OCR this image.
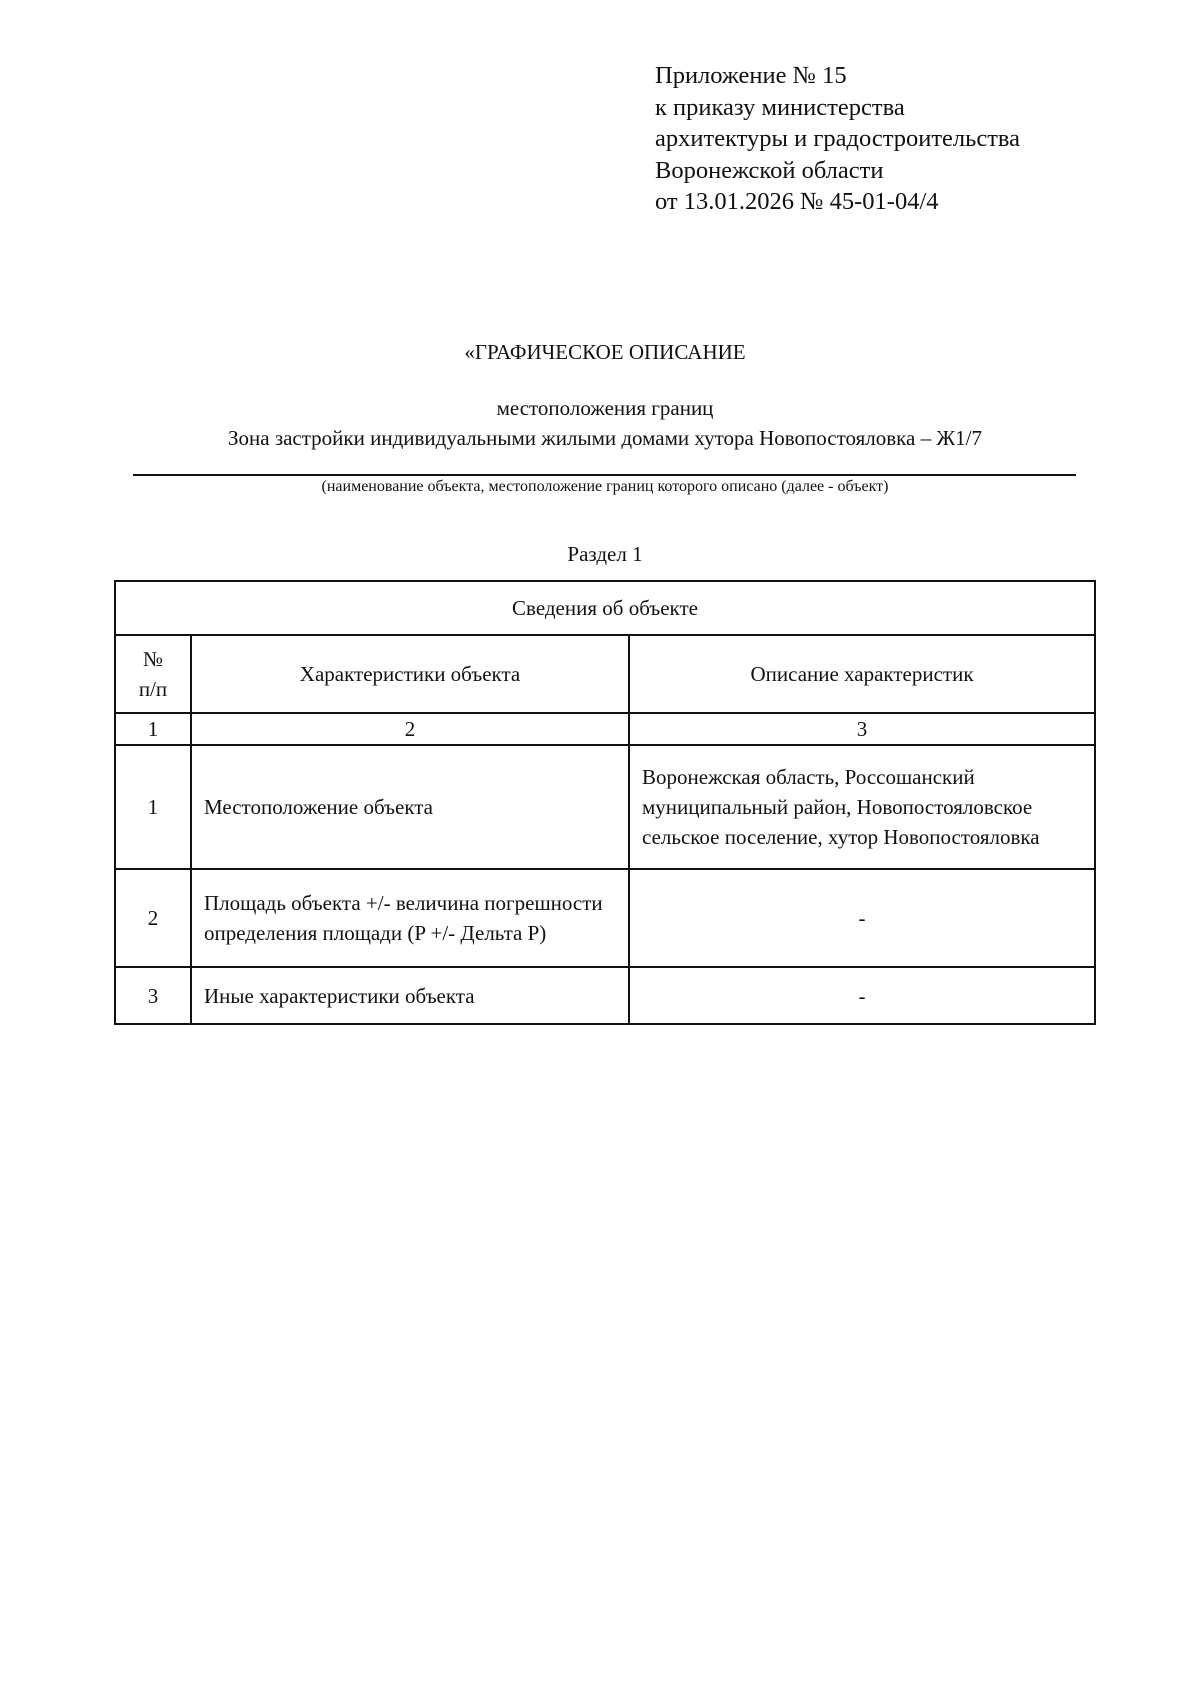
Приложение № 15
к приказу министерства
архитектуры и градостроительства
Воронежской области
от 13.01.2026 № 45-01-04/4
«ГРАФИЧЕСКОЕ ОПИСАНИЕ
местоположения границ
Зона застройки индивидуальными жилыми домами хутора Новопостояловка – Ж1/7
(наименование объекта, местоположение границ которого описано (далее - объект)
Раздел 1
Сведения об объекте		

№
п/п	Характеристики объекта	Описание характеристик
1	2	3
1	Местоположение объекта	Воронежская область, Россошанский муниципальный район, Новопостояловское сельское поселение, хутор Новопостояловка
2	Площадь объекта +/- величина погрешности определения площади (P +/- Дельта P)	-
3	Иные характеристики объекта	-
